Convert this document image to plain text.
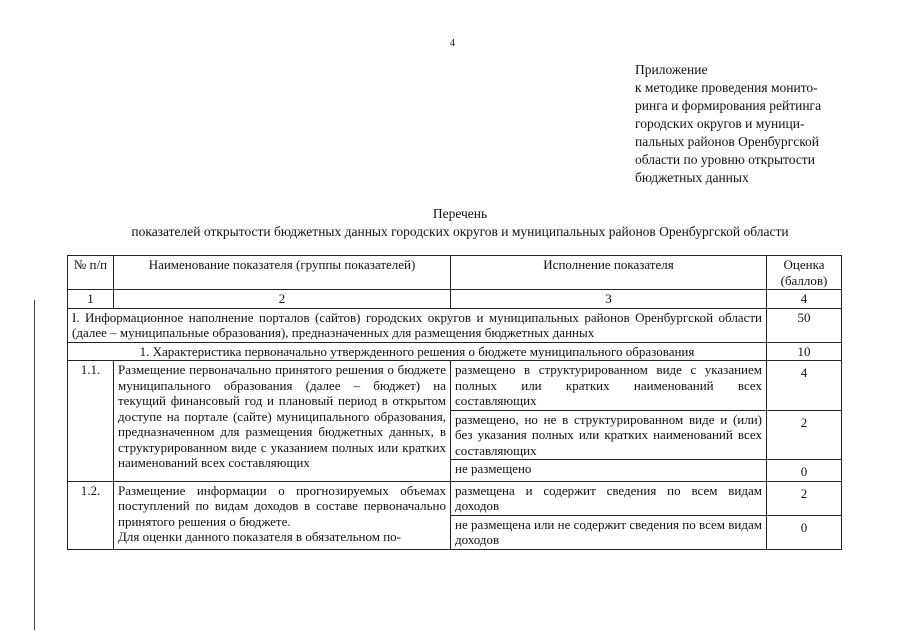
4
Приложение
к методике проведения монито-
ринга и формирования рейтинга
городских округов и муници-
пальных районов Оренбургской
области по уровню открытости
бюджетных данных
Перечень
показателей открытости бюджетных данных городских округов и муниципальных районов Оренбургской области
№ п/п	Наименование показателя (группы показателей)	Исполнение показателя	Оценка (баллов)
1	2	3	4
I. Информационное наполнение порталов (сайтов) городских округов и муниципальных районов Оренбургской области (далее – муниципальные образования), предназначенных для размещения бюджетных данных			50
1. Характеристика первоначально утвержденного решения о бюджете муниципального образования			10
1.1.	Размещение первоначально принятого решения о бюджете муниципального образования (далее – бюджет) на текущий финансовый год и плановый период в открытом доступе на портале (сайте) муниципального образования, предназначенном для размещения бюджетных данных, в структурированном виде с указанием полных или кратких наименований всех составляющих	размещено в структурированном виде с указанием полных или кратких наименований всех составляющих	4
		размещено, но не в структурированном виде и (или) без указания полных или кратких наименований всех составляющих	2
		не размещено	0
1.2.	Размещение информации о прогнозируемых объемах поступлений по видам доходов в составе первоначально принятого решения о бюджете.
Для оценки данного показателя в обязательном по-	размещена и содержит сведения по всем видам доходов	2
		не размещена или не содержит сведения по всем видам доходов	0
